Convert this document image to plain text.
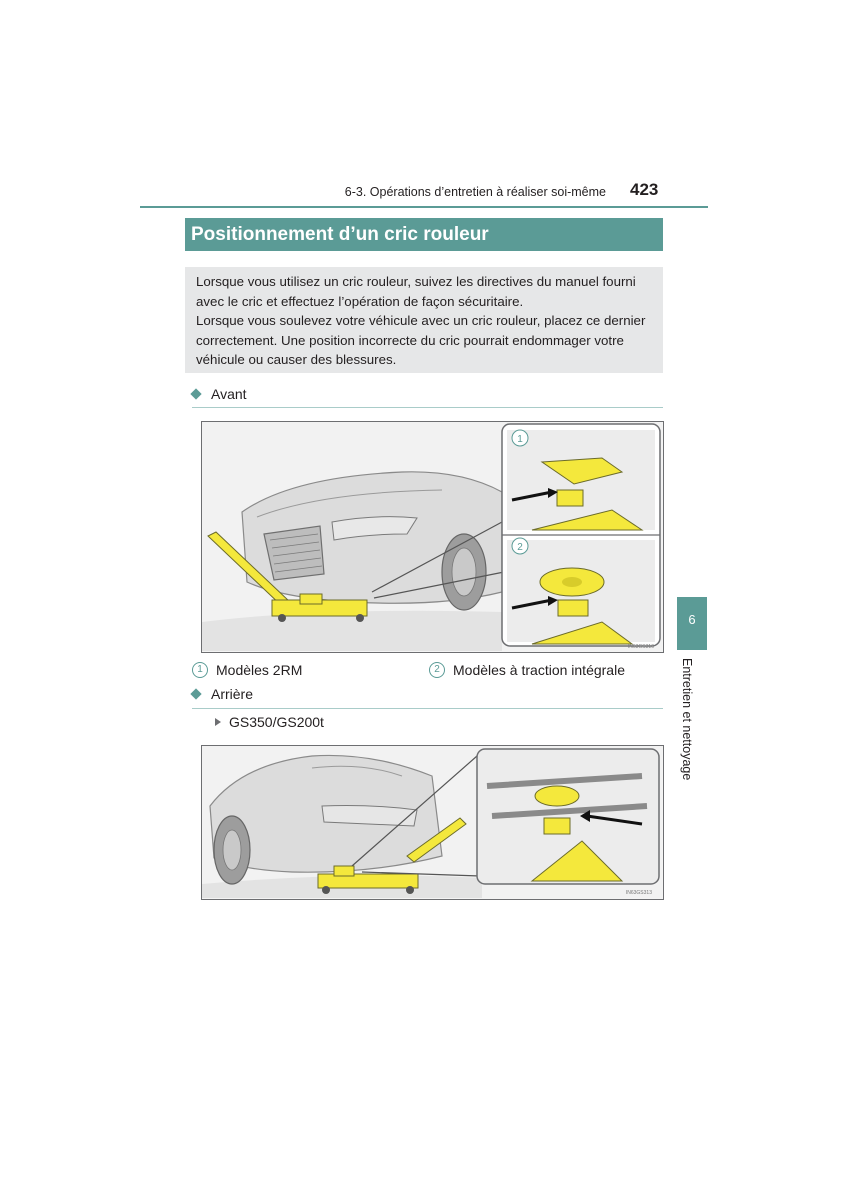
6-3. Opérations d’entretien à réaliser soi-même 423
Positionnement d’un cric rouleur

Lorsque vous utilisez un cric rouleur, suivez les directives du manuel fourni avec le cric et effectuez l’opération de façon sécuritaire.

Lorsque vous soulevez votre véhicule avec un cric rouleur, placez ce dernier correctement. Une position incorrecte du cric pourrait endommager votre véhicule ou causer des blessures.

Avant
1
2
IN63GS310
1 Modèles 2RM	2 Modèles à traction intégrale
Arrière
GS350/GS200t
IN63GS313
6
Entretien et nettoyage
